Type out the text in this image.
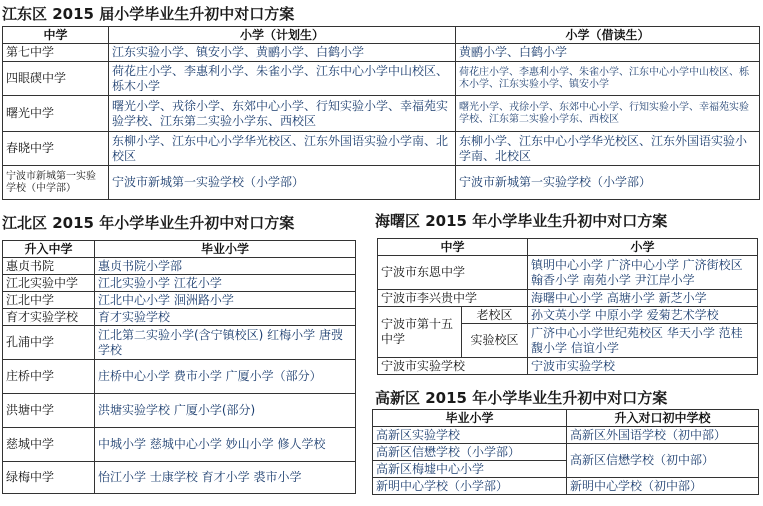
江东区 2015 届小学毕业生升初中对口方案
中学	小学（计划生）	小学（借读生）
第七中学	江东实验小学、镇安小学、黄鹂小学、白鹤小学	黄鹂小学、白鹤小学
四眼碶中学	荷花庄小学、李惠利小学、朱雀小学、江东中心小学中山校区、栎木小学	荷花庄小学、李惠利小学、朱雀小学、江东中心小学中山校区、栎木小学、江东实验小学、镇安小学
曙光中学	曙光小学、戎徐小学、东郊中心小学、行知实验小学、幸福苑实验学校、江东第二实验小学东、西校区	曙光小学、戎徐小学、东郊中心小学、行知实验小学、幸福苑实验学校、江东第二实验小学东、西校区
春晓中学	东柳小学、江东中心小学华光校区、江东外国语实验小学南、北校区	东柳小学、江东中心小学华光校区、江东外国语实验小学南、北校区
宁波市新城第一实验学校（中学部）	宁波市新城第一实验学校（小学部）	宁波市新城第一实验学校（小学部）
江北区 2015 年小学毕业生升初中对口方案
升入中学	毕业小学
惠贞书院	惠贞书院小学部
江北实验中学	江北实验小学 江花小学
江北中学	江北中心小学 洄洲路小学
育才实验学校	育才实验学校
孔浦中学	江北第二实验小学(含宁镇校区) 红梅小学 唐弢学校
庄桥中学	庄桥中心小学 费市小学 广厦小学（部分）
洪塘中学	洪塘实验学校 广厦小学(部分)
慈城中学	中城小学 慈城中心小学 妙山小学 修人学校
绿梅中学	怡江小学 士康学校 育才小学 裘市小学
海曙区 2015 年小学毕业生升初中对口方案
中学		小学
宁波市东恩中学		镇明中心小学 广济中心小学 广济街校区 翰香小学 南苑小学 尹江岸小学
宁波市李兴贵中学		海曙中心小学 高塘小学 新芝小学
宁波市第十五中学	老校区	孙文英小学 中原小学 爱菊艺术学校
	实验校区	广济中心小学世纪苑校区 华天小学 范桂馥小学 信谊小学
宁波市实验学校		宁波市实验学校
高新区 2015 年小学毕业生升初中对口方案
毕业小学	升入对口初中学校
高新区实验学校	高新区外国语学校（初中部）
高新区信懋学校（小学部）	高新区信懋学校（初中部）
高新区梅墟中心小学	
新明中心学校（小学部）	新明中心学校（初中部）
